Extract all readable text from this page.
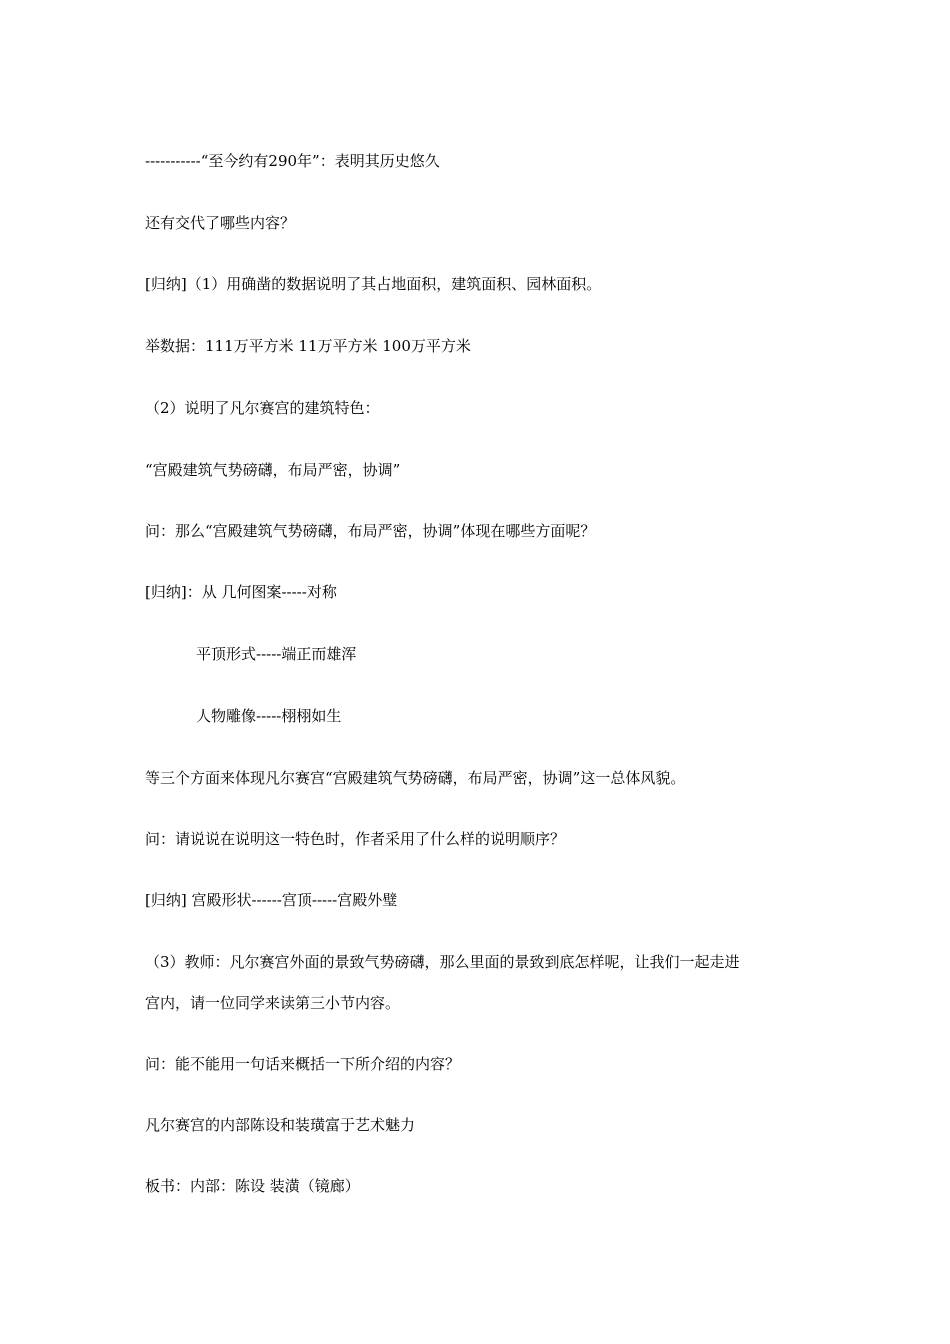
-----------“至今约有290年”：表明其历史悠久
还有交代了哪些内容？
[归纳]（1）用确凿的数据说明了其占地面积，建筑面积、园林面积。
举数据：111万平方米 11万平方米 100万平方米
（2）说明了凡尔赛宫的建筑特色：
“宫殿建筑气势磅礴，布局严密，协调”
问：那么“宫殿建筑气势磅礴，布局严密，协调”体现在哪些方面呢？
[归纳]：从 几何图案-----对称
平顶形式-----端正而雄浑
人物雕像-----栩栩如生
等三个方面来体现凡尔赛宫“宫殿建筑气势磅礴，布局严密，协调”这一总体风貌。
问：请说说在说明这一特色时，作者采用了什么样的说明顺序？
[归纳] 宫殿形状------宫顶-----宫殿外璧
（3）教师：凡尔赛宫外面的景致气势磅礴，那么里面的景致到底怎样呢，让我们一起走进
宫内，请一位同学来读第三小节内容。
问：能不能用一句话来概括一下所介绍的内容？
凡尔赛宫的内部陈设和装璜富于艺术魅力
板书：内部：陈设 装潢（镜廊）
